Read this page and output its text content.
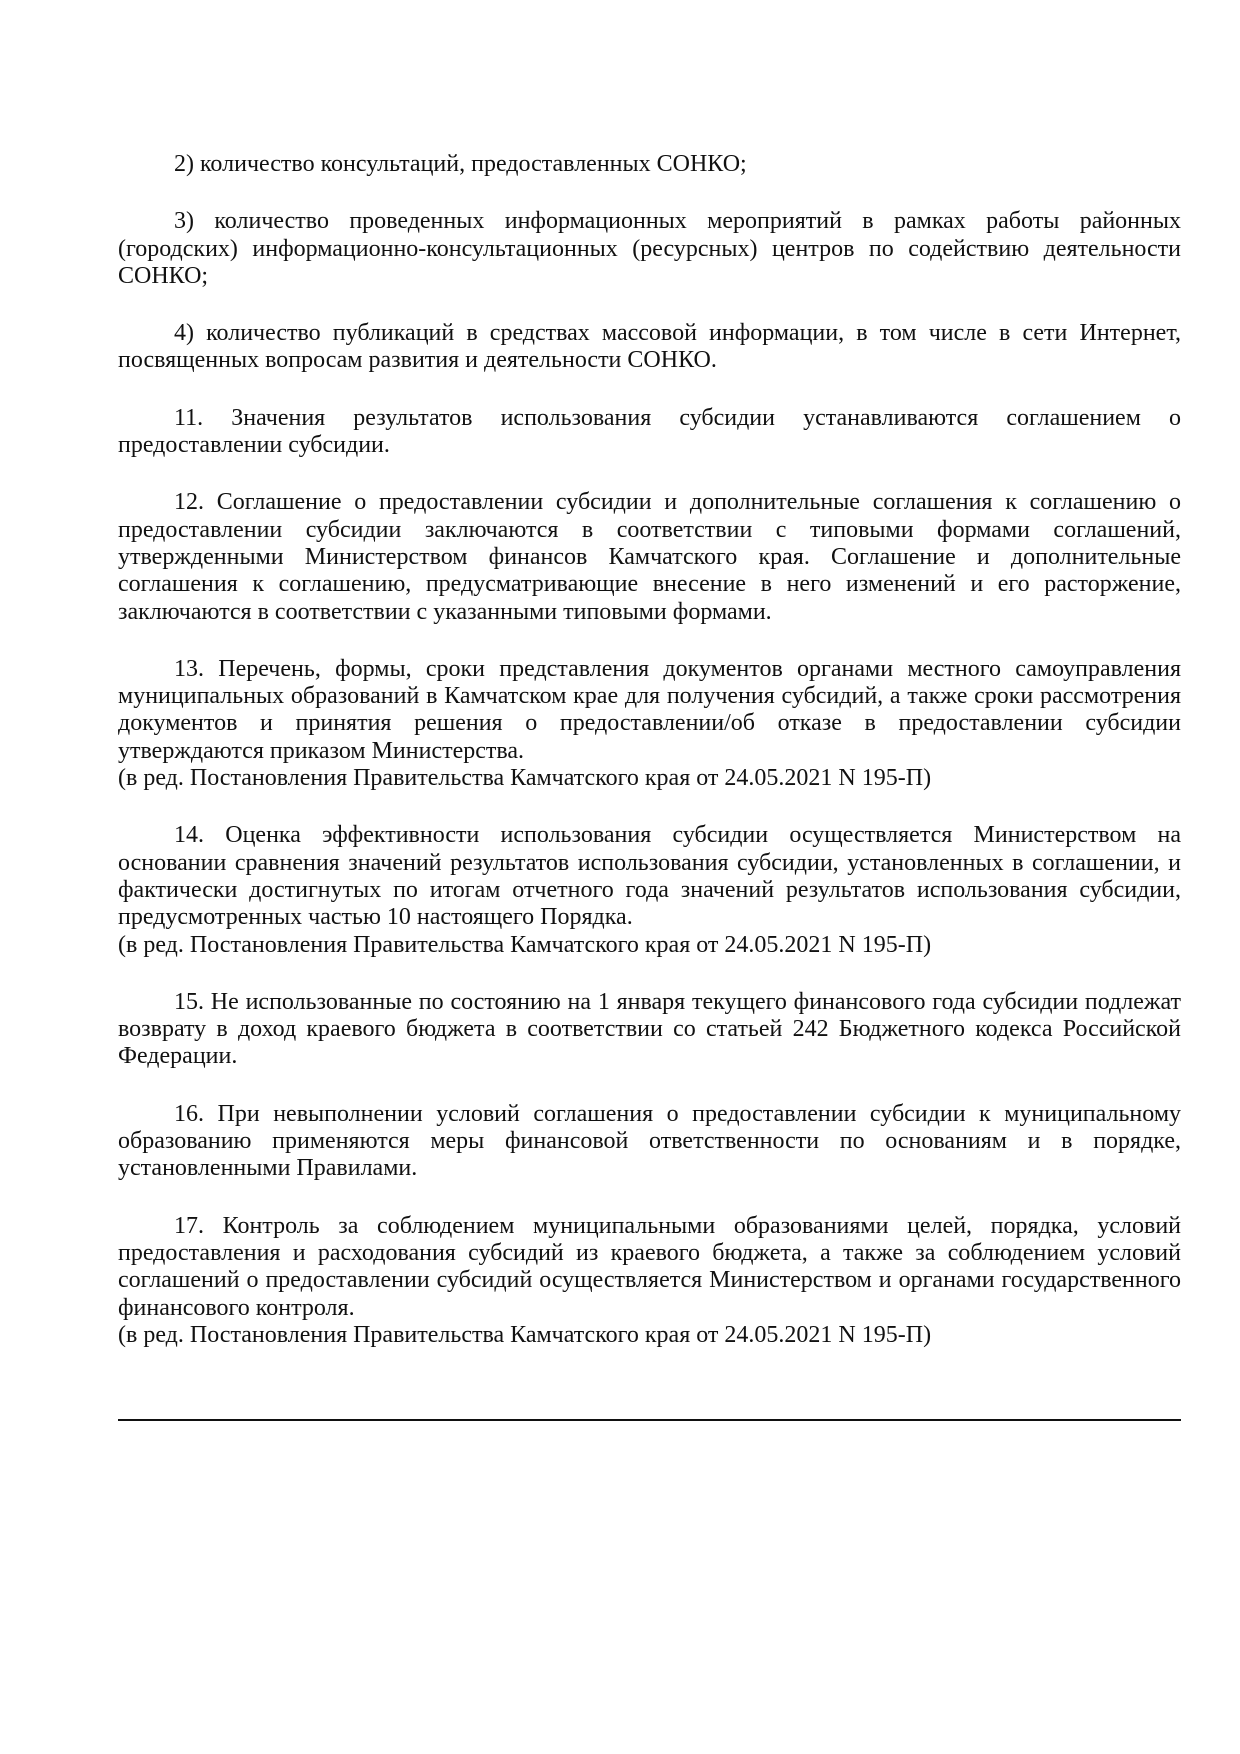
2) количество консультаций, предоставленных СОНКО;

3) количество проведенных информационных мероприятий в рамках работы районных (городских) информационно-консультационных (ресурсных) центров по содействию деятельности СОНКО;

4) количество публикаций в средствах массовой информации, в том числе в сети Интернет, посвященных вопросам развития и деятельности СОНКО.

11. Значения результатов использования субсидии устанавливаются соглашением о предоставлении субсидии.

12. Соглашение о предоставлении субсидии и дополнительные соглашения к соглашению о предоставлении субсидии заключаются в соответствии с типовыми формами соглашений, утвержденными Министерством финансов Камчатского края. Соглашение и дополнительные соглашения к соглашению, предусматривающие внесение в него изменений и его расторжение, заключаются в соответствии с указанными типовыми формами.

13. Перечень, формы, сроки представления документов органами местного самоуправления муниципальных образований в Камчатском крае для получения субсидий, а также сроки рассмотрения документов и принятия решения о предоставлении/об отказе в предоставлении субсидии утверждаются приказом Министерства.

(в ред. Постановления Правительства Камчатского края от 24.05.2021 N 195-П)

14. Оценка эффективности использования субсидии осуществляется Министерством на основании сравнения значений результатов использования субсидии, установленных в соглашении, и фактически достигнутых по итогам отчетного года значений результатов использования субсидии, предусмотренных частью 10 настоящего Порядка.

(в ред. Постановления Правительства Камчатского края от 24.05.2021 N 195-П)

15. Не использованные по состоянию на 1 января текущего финансового года субсидии подлежат возврату в доход краевого бюджета в соответствии со статьей 242 Бюджетного кодекса Российской Федерации.

16. При невыполнении условий соглашения о предоставлении субсидии к муниципальному образованию применяются меры финансовой ответственности по основаниям и в порядке, установленными Правилами.

17. Контроль за соблюдением муниципальными образованиями целей, порядка, условий предоставления и расходования субсидий из краевого бюджета, а также за соблюдением условий соглашений о предоставлении субсидий осуществляется Министерством и органами государственного финансового контроля.

(в ред. Постановления Правительства Камчатского края от 24.05.2021 N 195-П)
